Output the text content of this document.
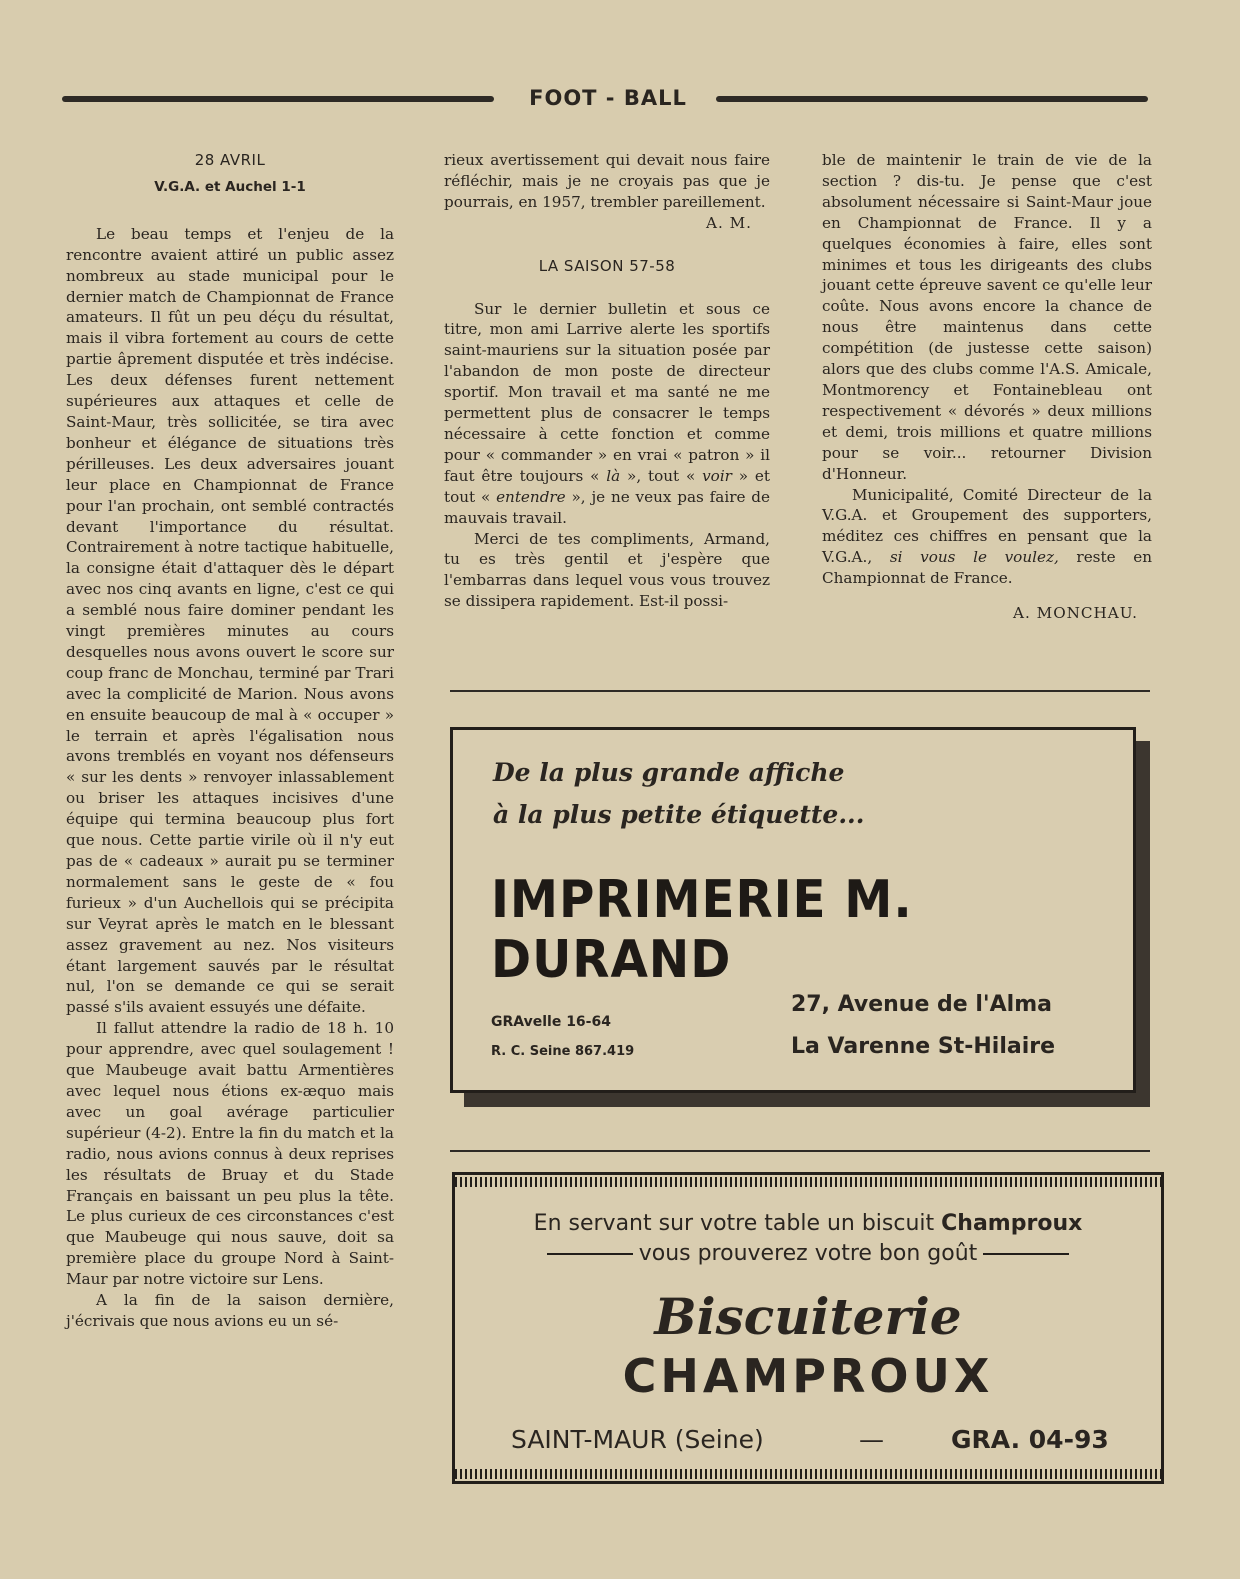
FOOT - BALL

28 AVRIL

V.G.A. et Auchel 1-1

Le beau temps et l'enjeu de la rencontre avaient attiré un public assez nombreux au stade municipal pour le dernier match de Championnat de France amateurs. Il fût un peu déçu du résultat, mais il vibra fortement au cours de cette partie âprement disputée et très indécise. Les deux défenses furent nettement supérieures aux attaques et celle de Saint-Maur, très sollicitée, se tira avec bonheur et élégance de situations très périlleuses. Les deux adversaires jouant leur place en Championnat de France pour l'an prochain, ont semblé contractés devant l'importance du résultat. Contrairement à notre tactique habituelle, la consigne était d'attaquer dès le départ avec nos cinq avants en ligne, c'est ce qui a semblé nous faire dominer pendant les vingt premières minutes au cours desquelles nous avons ouvert le score sur coup franc de Monchau, terminé par Trari avec la complicité de Marion. Nous avons en ensuite beaucoup de mal à « occuper » le terrain et après l'égalisation nous avons tremblés en voyant nos défenseurs « sur les dents » renvoyer inlassablement ou briser les attaques incisives d'une équipe qui termina beaucoup plus fort que nous. Cette partie virile où il n'y eut pas de « cadeaux » aurait pu se terminer normalement sans le geste de « fou furieux » d'un Auchellois qui se précipita sur Veyrat après le match en le blessant assez gravement au nez. Nos visiteurs étant largement sauvés par le résultat nul, l'on se demande ce qui se serait passé s'ils avaient essuyés une défaite.

Il fallut attendre la radio de 18 h. 10 pour apprendre, avec quel soulagement ! que Maubeuge avait battu Armentières avec lequel nous étions ex-æquo mais avec un goal avérage particulier supérieur (4-2). Entre la fin du match et la radio, nous avions connus à deux reprises les résultats de Bruay et du Stade Français en baissant un peu plus la tête. Le plus curieux de ces circonstances c'est que Maubeuge qui nous sauve, doit sa première place du groupe Nord à Saint-Maur par notre victoire sur Lens.

A la fin de la saison dernière, j'écrivais que nous avions eu un sé-

rieux avertissement qui devait nous faire réfléchir, mais je ne croyais pas que je pourrais, en 1957, trembler pareillement.

A. M.

LA SAISON 57-58

Sur le dernier bulletin et sous ce titre, mon ami Larrive alerte les sportifs saint-mauriens sur la situation posée par l'abandon de mon poste de directeur sportif. Mon travail et ma santé ne me permettent plus de consacrer le temps nécessaire à cette fonction et comme pour « commander » en vrai « patron » il faut être toujours « là », tout « voir » et tout « entendre », je ne veux pas faire de mauvais travail.

Merci de tes compliments, Armand, tu es très gentil et j'espère que l'embarras dans lequel vous vous trouvez se dissipera rapidement. Est-il possi-

ble de maintenir le train de vie de la section ? dis-tu. Je pense que c'est absolument nécessaire si Saint-Maur joue en Championnat de France. Il y a quelques économies à faire, elles sont minimes et tous les dirigeants des clubs jouant cette épreuve savent ce qu'elle leur coûte. Nous avons encore la chance de nous être maintenus dans cette compétition (de justesse cette saison) alors que des clubs comme l'A.S. Amicale, Montmorency et Fontainebleau ont respectivement « dévorés » deux millions et demi, trois millions et quatre millions pour se voir... retourner Division d'Honneur.

Municipalité, Comité Directeur de la V.G.A. et Groupement des supporters, méditez ces chiffres en pensant que la V.G.A., si vous le voulez, reste en Championnat de France.

A. MONCHAU.

De la plus grande affiche
à la plus petite étiquette...
IMPRIMERIE M. DURAND
GRAvelle 16-64
R. C. Seine 867.419
27, Avenue de l'Alma
La Varenne St-Hilaire
En servant sur votre table un biscuit Champroux
vous prouverez votre bon goût
Biscuiterie
CHAMPROUX
SAINT-MAUR (Seine)	—	GRA. 04-93
